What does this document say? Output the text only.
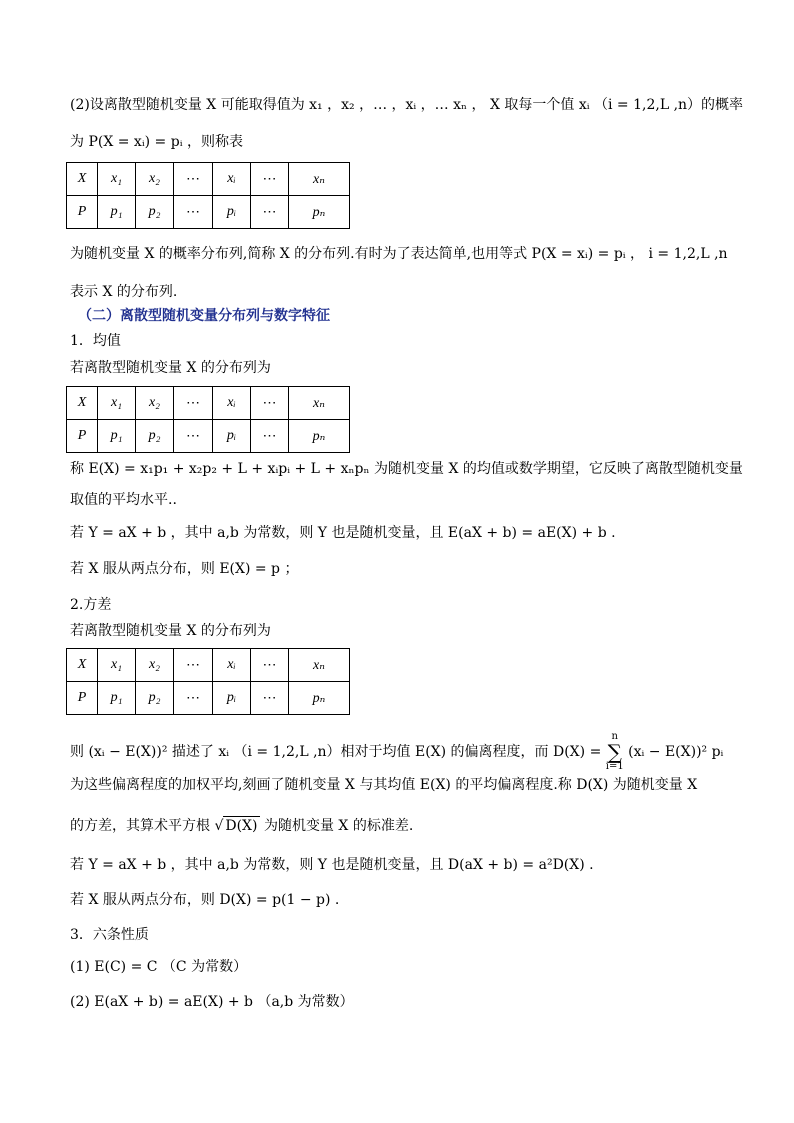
(2)设离散型随机变量 X 可能取得值为 x₁ ，x₂ ，… ，xᵢ ，… xₙ ， X 取每一个值 xᵢ （i = 1,2,L ,n）的概率
为 P(X = xᵢ) = pᵢ ，则称表
X	x₁	x₂	⋯	xᵢ	⋯	xₙ
P	p₁	p₂	⋯	pᵢ	⋯	pₙ
为随机变量 X 的概率分布列,简称 X 的分布列.有时为了表达简单,也用等式 P(X = xᵢ) = pᵢ ， i = 1,2,L ,n
表示 X 的分布列.
（二）离散型随机变量分布列与数字特征
1．均值
若离散型随机变量 X 的分布列为
X	x₁	x₂	⋯	xᵢ	⋯	xₙ
P	p₁	p₂	⋯	pᵢ	⋯	pₙ
称 E(X) = x₁p₁ + x₂p₂ + L + xᵢpᵢ + L + xₙpₙ 为随机变量 X 的均值或数学期望，它反映了离散型随机变量
取值的平均水平..
若 Y = aX + b ，其中 a,b 为常数，则 Y 也是随机变量，且 E(aX + b) = aE(X) + b .
若 X 服从两点分布，则 E(X) = p ；
2.方差
若离散型随机变量 X 的分布列为
X	x₁	x₂	⋯	xᵢ	⋯	xₙ
P	p₁	p₂	⋯	pᵢ	⋯	pₙ
则 (xᵢ − E(X))² 描述了 xᵢ （i = 1,2,L ,n）相对于均值 E(X) 的偏离程度，而 D(X) =
n
∑
i=1
(xᵢ − E(X))² pᵢ
为这些偏离程度的加权平均,刻画了随机变量 X 与其均值 E(X) 的平均偏离程度.称 D(X) 为随机变量 X
的方差，其算术平方根 √ D(X) 为随机变量 X 的标准差.
若 Y = aX + b ，其中 a,b 为常数，则 Y 也是随机变量，且 D(aX + b) = a²D(X) .
若 X 服从两点分布，则 D(X) = p(1 − p) .
3．六条性质
(1) E(C) = C （C 为常数）
(2) E(aX + b) = aE(X) + b （a,b 为常数）
